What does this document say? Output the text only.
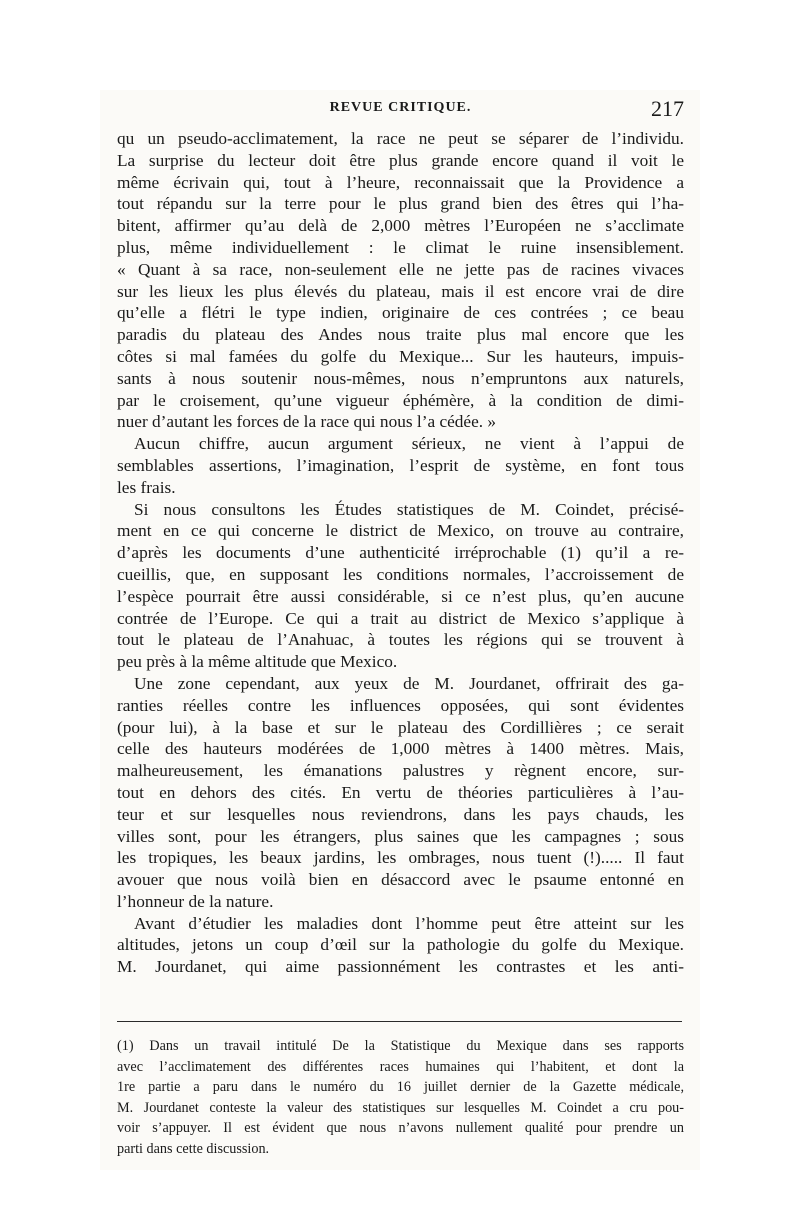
REVUE CRITIQUE.	217
qu un pseudo-acclimatement, la race ne peut se séparer de l’individu.
La surprise du lecteur doit être plus grande encore quand il voit le
même écrivain qui, tout à l’heure, reconnaissait que la Providence a
tout répandu sur la terre pour le plus grand bien des êtres qui l’ha-
bitent, affirmer qu’au delà de 2,000 mètres l’Européen ne s’acclimate
plus, même individuellement : le climat le ruine insensiblement.
« Quant à sa race, non-seulement elle ne jette pas de racines vivaces
sur les lieux les plus élevés du plateau, mais il est encore vrai de dire
qu’elle a flétri le type indien, originaire de ces contrées ; ce beau
paradis du plateau des Andes nous traite plus mal encore que les
côtes si mal famées du golfe du Mexique... Sur les hauteurs, impuis-
sants à nous soutenir nous-mêmes, nous n’empruntons aux naturels,
par le croisement, qu’une vigueur éphémère, à la condition de dimi-
nuer d’autant les forces de la race qui nous l’a cédée. »
Aucun chiffre, aucun argument sérieux, ne vient à l’appui de
semblables assertions, l’imagination, l’esprit de système, en font tous
les frais.
Si nous consultons les Études statistiques de M. Coindet, précisé-
ment en ce qui concerne le district de Mexico, on trouve au contraire,
d’après les documents d’une authenticité irréprochable (1) qu’il a re-
cueillis, que, en supposant les conditions normales, l’accroissement de
l’espèce pourrait être aussi considérable, si ce n’est plus, qu’en aucune
contrée de l’Europe. Ce qui a trait au district de Mexico s’applique à
tout le plateau de l’Anahuac, à toutes les régions qui se trouvent à
peu près à la même altitude que Mexico.
Une zone cependant, aux yeux de M. Jourdanet, offrirait des ga-
ranties réelles contre les influences opposées, qui sont évidentes
(pour lui), à la base et sur le plateau des Cordillières ; ce serait
celle des hauteurs modérées de 1,000 mètres à 1400 mètres. Mais,
malheureusement, les émanations palustres y règnent encore, sur-
tout en dehors des cités. En vertu de théories particulières à l’au-
teur et sur lesquelles nous reviendrons, dans les pays chauds, les
villes sont, pour les étrangers, plus saines que les campagnes ; sous
les tropiques, les beaux jardins, les ombrages, nous tuent (!)..... Il faut
avouer que nous voilà bien en désaccord avec le psaume entonné en
l’honneur de la nature.
Avant d’étudier les maladies dont l’homme peut être atteint sur les
altitudes, jetons un coup d’œil sur la pathologie du golfe du Mexique.
M. Jourdanet, qui aime passionnément les contrastes et les anti-
(1) Dans un travail intitulé De la Statistique du Mexique dans ses rapports
avec l’acclimatement des différentes races humaines qui l’habitent, et dont la
1re partie a paru dans le numéro du 16 juillet dernier de la Gazette médicale,
M. Jourdanet conteste la valeur des statistiques sur lesquelles M. Coindet a cru pou-
voir s’appuyer. Il est évident que nous n’avons nullement qualité pour prendre un
parti dans cette discussion.
